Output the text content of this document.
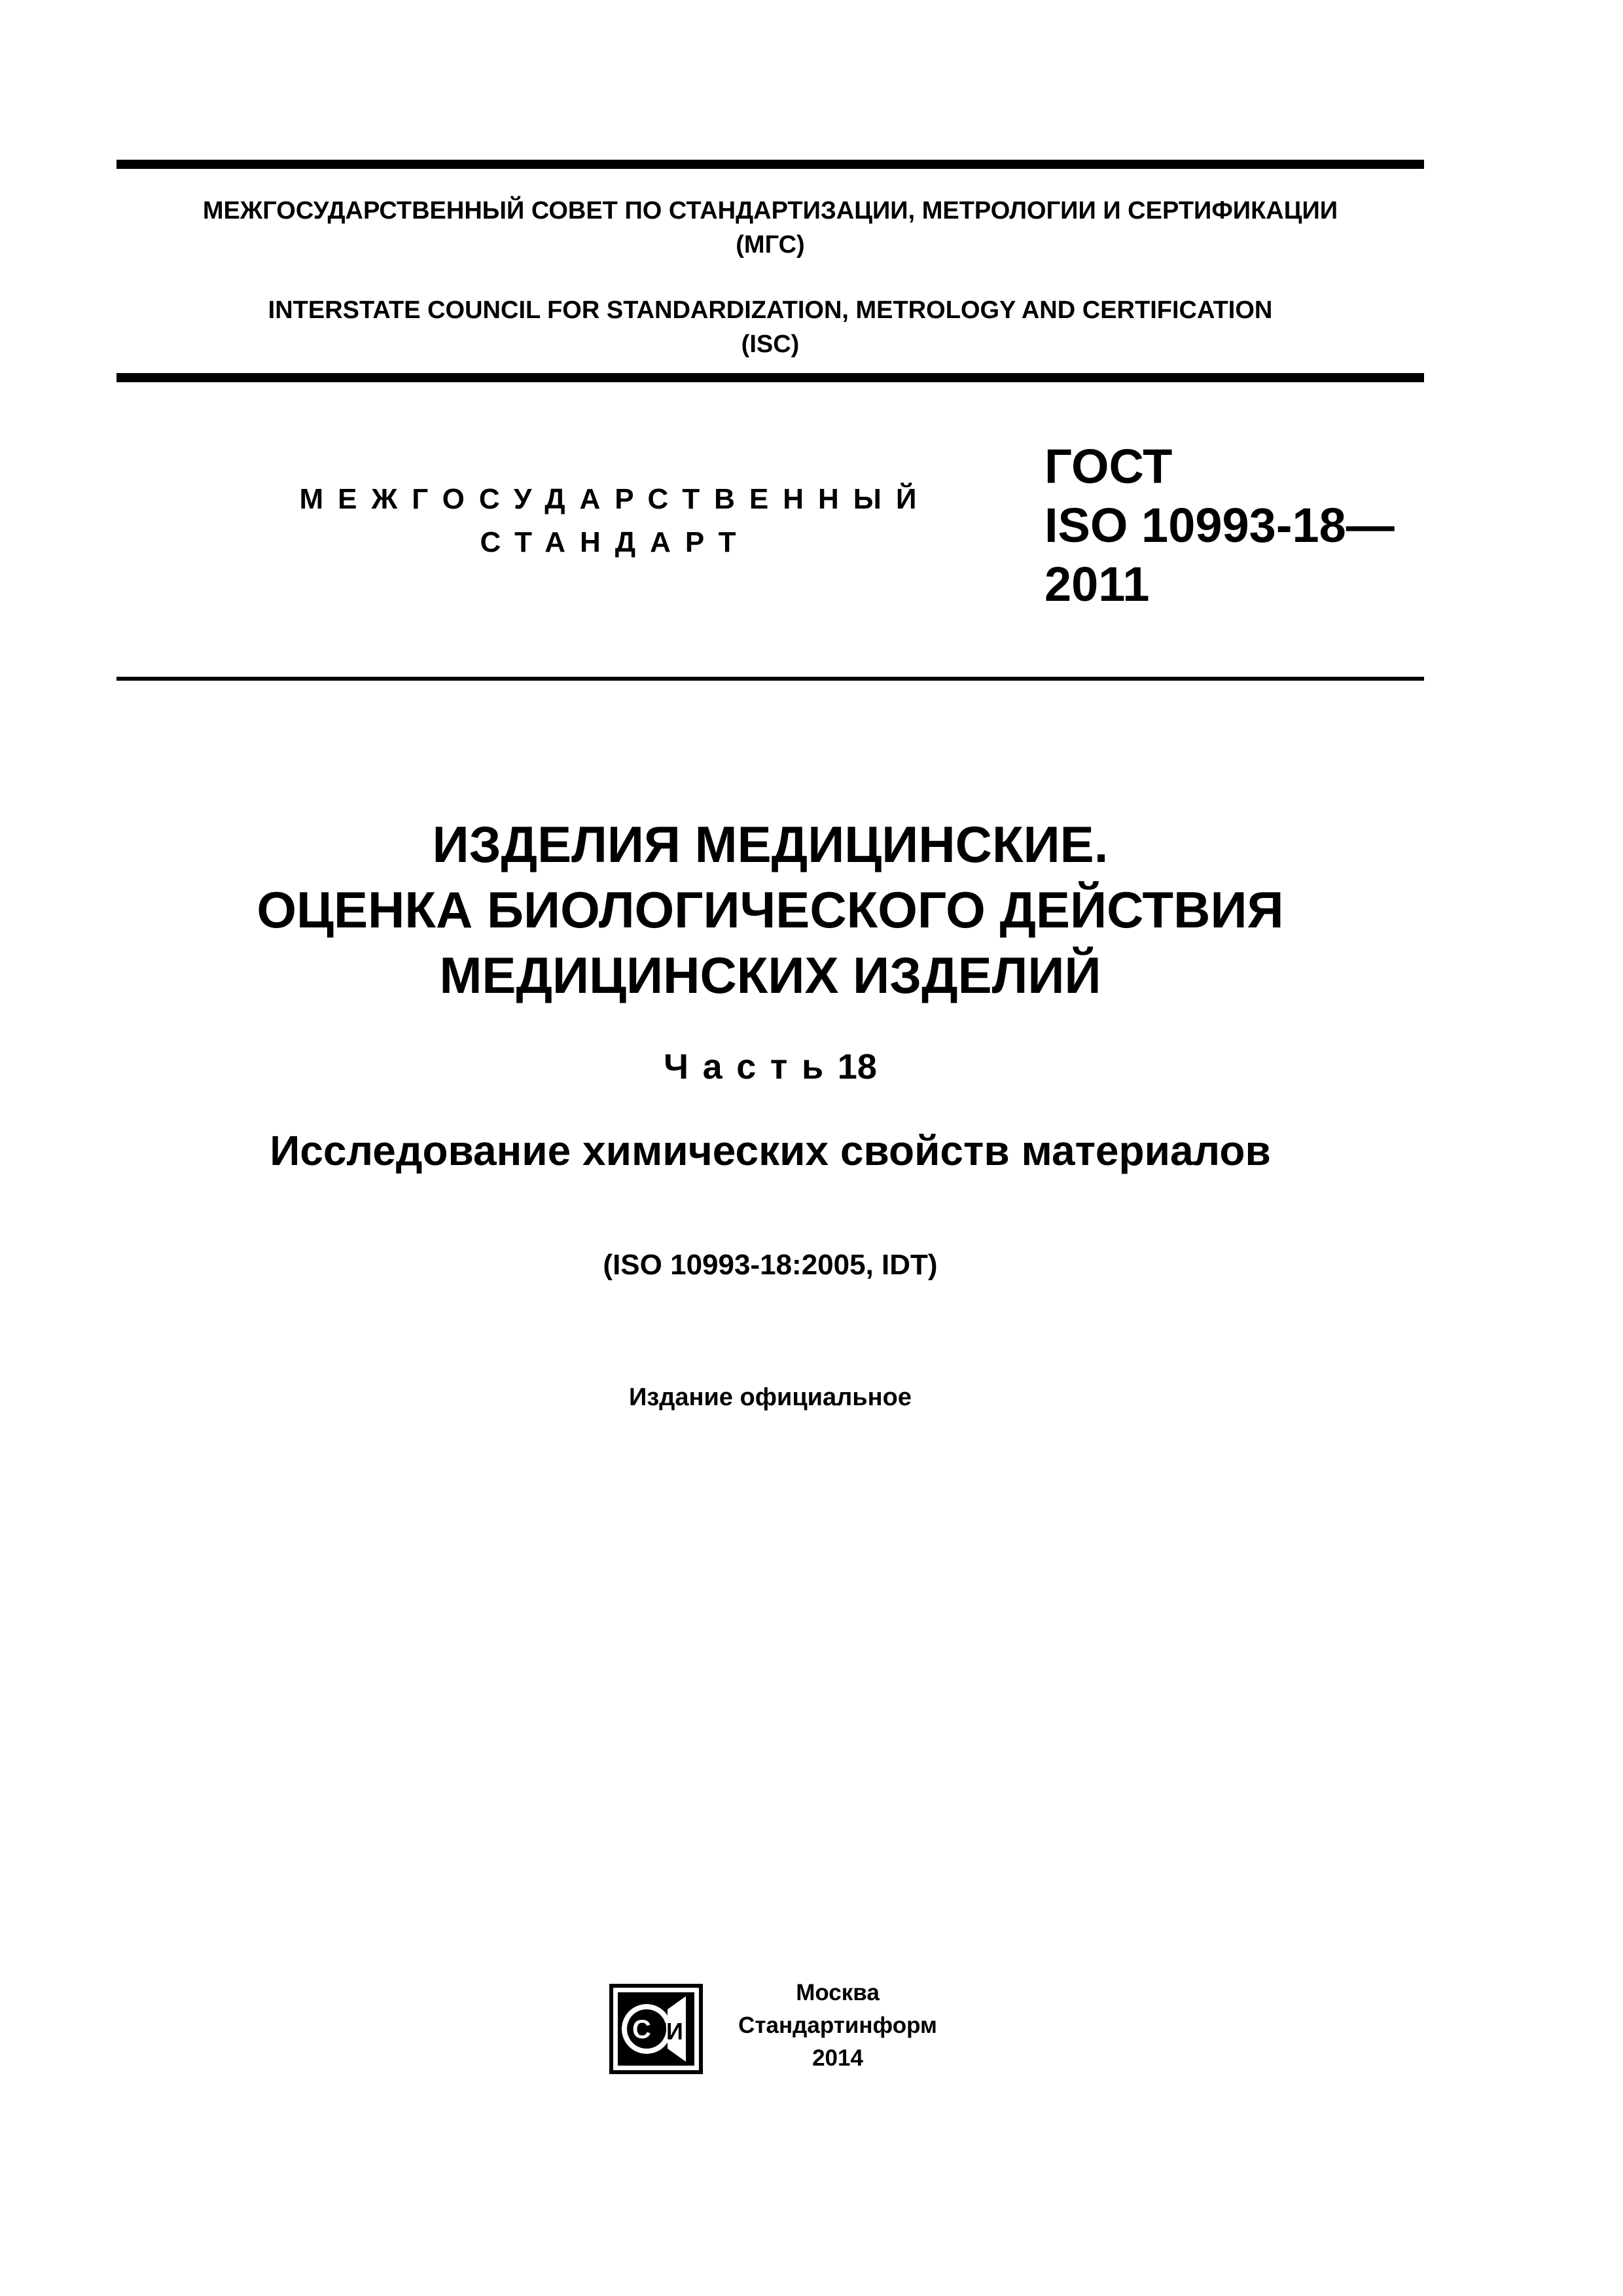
МЕЖГОСУДАРСТВЕННЫЙ СОВЕТ ПО СТАНДАРТИЗАЦИИ, МЕТРОЛОГИИ И СЕРТИФИКАЦИИ
(МГС)
INTERSTATE COUNCIL FOR STANDARDIZATION, METROLOGY AND CERTIFICATION
(ISC)
МЕЖГОСУДАРСТВЕННЫЙ
СТАНДАРТ
ГОСТ
ISO 10993-18—
2011
ИЗДЕЛИЯ МЕДИЦИНСКИЕ.
ОЦЕНКА БИОЛОГИЧЕСКОГО ДЕЙСТВИЯ
МЕДИЦИНСКИХ ИЗДЕЛИЙ
Часть18
Исследование химических свойств материалов
(ISO 10993-18:2005, IDT)
Издание официальное
С ТИ
Москва
Стандартинформ
2014
